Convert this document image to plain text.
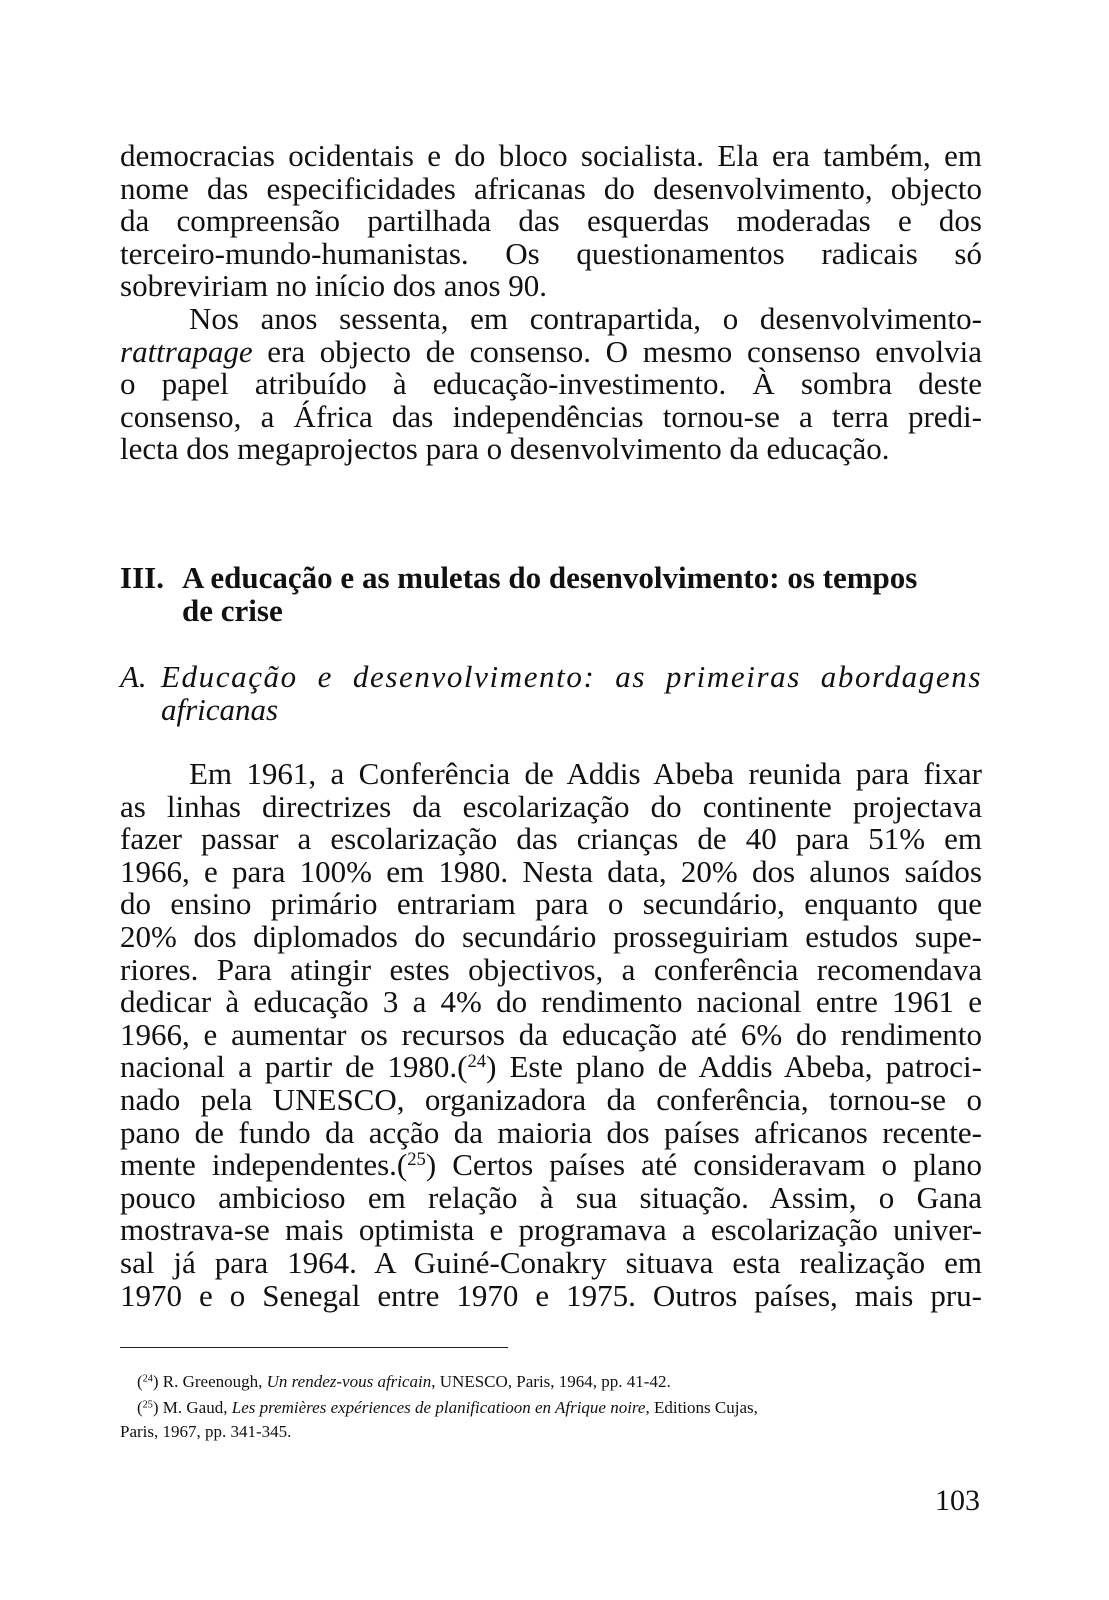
democracias ocidentais e do bloco socialista. Ela era também, em
nome das especificidades africanas do desenvolvimento, objecto
da compreensão partilhada das esquerdas moderadas e dos
terceiro-mundo-humanistas. Os questionamentos radicais só
sobreviriam no início dos anos 90.
Nos anos sessenta, em contrapartida, o desenvolvimento-
rattrapage era objecto de consenso. O mesmo consenso envolvia
o papel atribuído à educação-investimento. À sombra deste
consenso, a África das independências tornou-se a terra predi-
lecta dos megaprojectos para o desenvolvimento da educação.
III. A educação e as muletas do desenvolvimento: os tempos
de crise
A. Educação e desenvolvimento: as primeiras abordagens
africanas
Em 1961, a Conferência de Addis Abeba reunida para fixar
as linhas directrizes da escolarização do continente projectava
fazer passar a escolarização das crianças de 40 para 51% em
1966, e para 100% em 1980. Nesta data, 20% dos alunos saídos
do ensino primário entrariam para o secundário, enquanto que
20% dos diplomados do secundário prosseguiriam estudos supe-
riores. Para atingir estes objectivos, a conferência recomendava
dedicar à educação 3 a 4% do rendimento nacional entre 1961 e
1966, e aumentar os recursos da educação até 6% do rendimento
nacional a partir de 1980.($^{24}$) Este plano de Addis Abeba, patroci-
nado pela UNESCO, organizadora da conferência, tornou-se o
pano de fundo da acção da maioria dos países africanos recente-
mente independentes.($^{25}$) Certos países até consideravam o plano
pouco ambicioso em relação à sua situação. Assim, o Gana
mostrava-se mais optimista e programava a escolarização univer-
sal já para 1964. A Guiné-Conakry situava esta realização em
1970 e o Senegal entre 1970 e 1975. Outros países, mais pru-
($^{24}$) R. Greenough, Un rendez-vous africain, UNESCO, Paris, 1964, pp. 41-42.
($^{25}$) M. Gaud, Les premières expériences de planificatioon en Afrique noire, Editions Cujas,
Paris, 1967, pp. 341-345.
103
